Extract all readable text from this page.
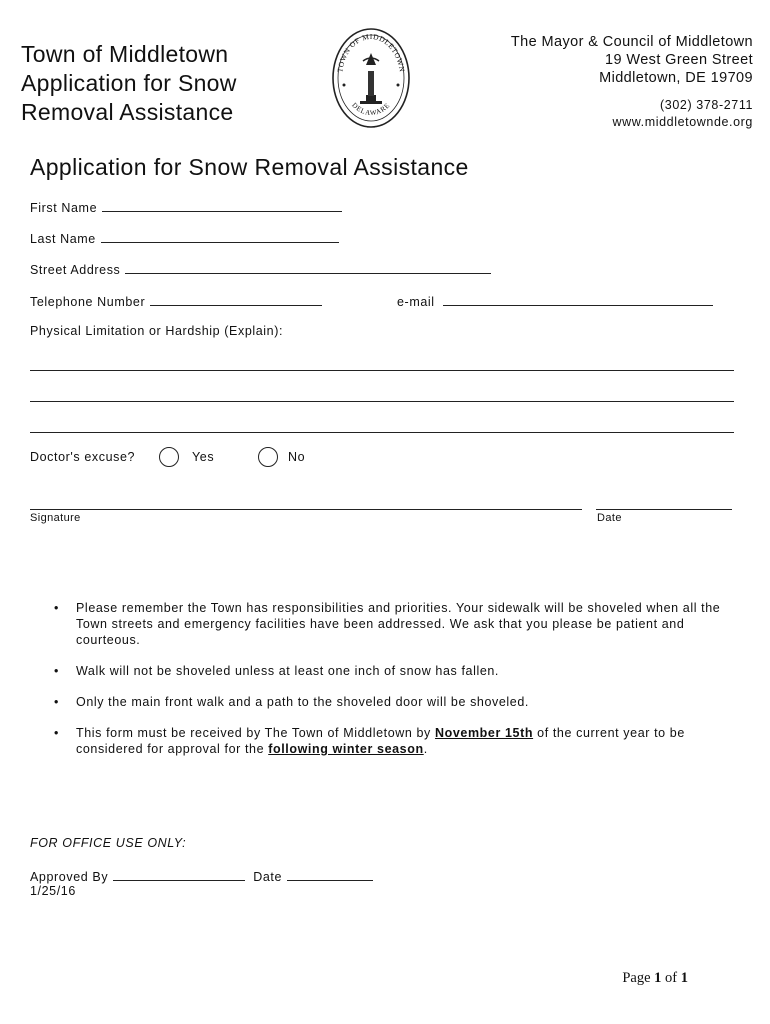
Town of Middletown
Application for Snow
Removal Assistance
TOWN OF MIDDLETOWN
DELAWARE
The Mayor & Council of Middletown
19 West Green Street
Middletown, DE 19709
(302) 378-2711
www.middletownde.org
Application for Snow Removal Assistance
First Name
Last Name
Street Address
Telephone Number	e-mail
Physical Limitation or Hardship (Explain):
Doctor's excuse?	Yes	No
Signature	Date
• Please remember the Town has responsibilities and priorities. Your sidewalk will be shoveled when all the Town streets and emergency facilities have been addressed. We ask that you please be patient and courteous.
• Walk will not be shoveled unless at least one inch of snow has fallen.
• Only the main front walk and a path to the shoveled door will be shoveled.
• This form must be received by The Town of Middletown by November 15th of the current year to be considered for approval for the following winter season.
FOR OFFICE USE ONLY:
Approved By	Date
1/25/16
Page 1 of 1
